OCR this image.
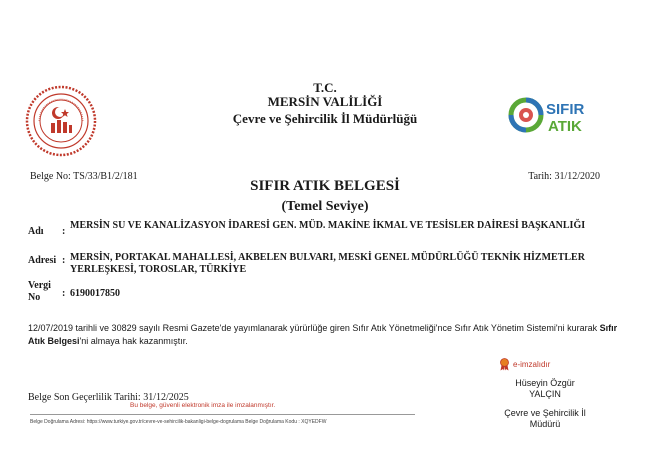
T.C.
MERSİN VALİLİĞİ
Çevre ve Şehircilik İl Müdürlüğü
SIFIR
ATIK
Belge No: TS/33/B1/2/181	Tarih: 31/12/2020
SIFIR ATIK BELGESİ
(Temel Seviye)
Adı	:	MERSİN SU VE KANALİZASYON İDARESİ GEN. MÜD. MAKİNE İKMAL VE TESİSLER DAİRESİ BAŞKANLIĞI
Adresi	:	MERSİN, PORTAKAL MAHALLESİ, AKBELEN BULVARI, MESKİ GENEL MÜDÜRLÜĞÜ TEKNİK HİZMETLER YERLEŞKESİ, TOROSLAR, TÜRKİYE
Vergi No	:	6190017850
12/07/2019 tarihli ve 30829 sayılı Resmi Gazete'de yayımlanarak yürürlüğe giren Sıfır Atık Yönetmeliği'nce Sıfır Atık Yönetim Sistemi'ni kurarak Sıfır Atık Belgesi'ni almaya hak kazanmıştır.
e-imzalıdır
Hüseyin Özgür
YALÇIN
Çevre ve Şehircilik İl
Müdürü
Belge Son Geçerlilik Tarihi: 31/12/2025
Bu belge, güvenli elektronik imza ile imzalanmıştır.
Belge Doğrulama Adresi: https://www.turkiye.gov.tr/cevre-ve-sehircilik-bakanligi-belge-dogrulama Belge Doğrulama Kodu : XQYEDFW
